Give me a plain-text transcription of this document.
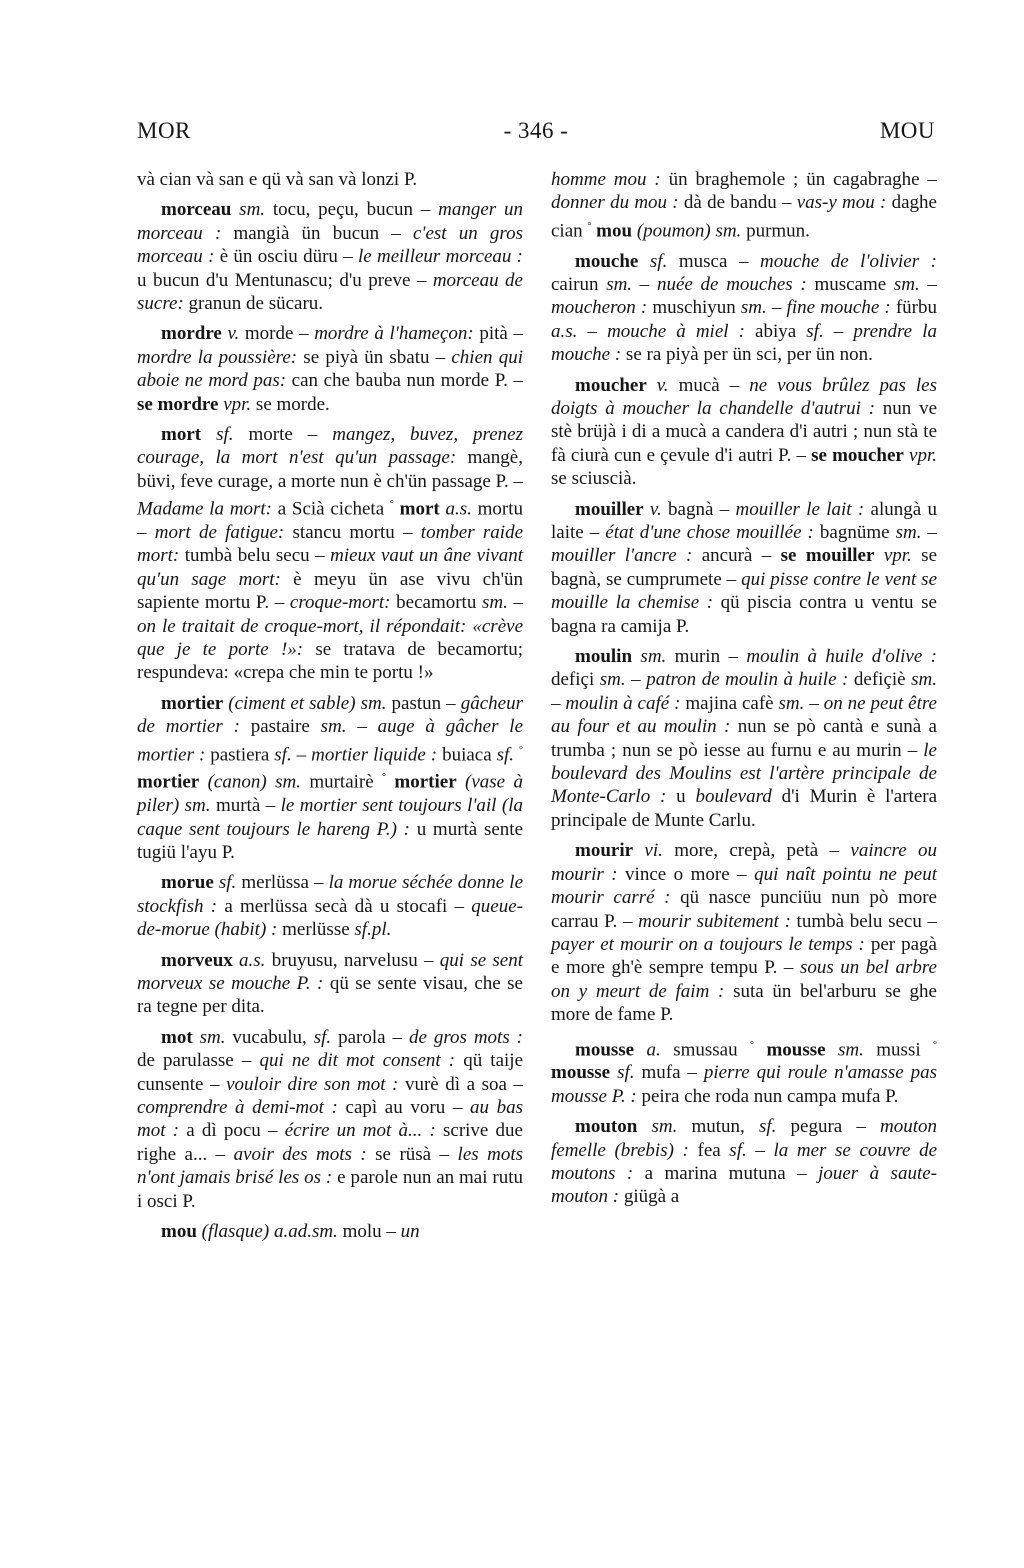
MOR	- 346 -	MOU

và cian và san e qü và san và lonzi P.

morceau sm. tocu, peçu, bucun – manger un morceau : mangià ün bucun – c'est un gros morceau : è ün osciu düru – le meilleur morceau : u bucun d'u Mentunascu; d'u preve – morceau de sucre: granun de süсaru.

mordre v. morde – mordre à l'hameçon: pità – mordre la poussière: se piyà ün sbatu – chien qui aboie ne mord pas: can che bauba nun morde P. – se mordre vpr. se morde.

mort sf. morte – mangez, buvez, prenez courage, la mort n'est qu'un passage: mangè, büvi, feve curage, a morte nun è ch'ün passage P. – Madame la mort: a Scià cicheta ° mort a.s. mortu – mort de fatigue: stancu mortu – tomber raide mort: tumbà belu secu – mieux vaut un âne vivant qu'un sage mort: è meyu ün ase vivu ch'ün sapiente mortu P. – croque-mort: becamortu sm. – on le traitait de croque-mort, il répondait: «crève que je te porte !»: se tratava de becamortu; respundeva: «crepa che min te portu !»

mortier (ciment et sable) sm. pastun – gâcheur de mortier : pastaire sm. – auge à gâcher le mortier : pastiera sf. – mortier liquide : buiaca sf. ° mortier (canon) sm. murtairè ° mortier (vase à piler) sm. murtà – le mortier sent toujours l'ail (la caque sent toujours le hareng P.) : u murtà sente tugiü l'ayu P.

morue sf. merlüssa – la morue séchée donne le stockfish : a merlüssa secà dà u stocafi – queue-de-morue (habit) : merlüsse sf.pl.

morveux a.s. bruyusu, narvelusu – qui se sent morveux se mouche P. : qü se sente visau, che se ra tegne per dita.

mot sm. vucabulu, sf. parola – de gros mots : de parulasse – qui ne dit mot consent : qü taije cunsente – vouloir dire son mot : vurè dì a soa – comprendre à demi-mot : capì au voru – au bas mot : a dì pocu – écrire un mot à... : scrive due righe a... – avoir des mots : se rüsà – les mots n'ont jamais brisé les os : e parole nun an mai rutu i osci P.

mou (flasque) a.ad.sm. molu – un

homme mou : ün braghemole ; ün cagabraghe – donner du mou : dà de bandu – vas-y mou : daghe cian ° mou (poumon) sm. purmun.

mouche sf. musca – mouche de l'olivier : cairun sm. – nuée de mouches : muscame sm. – moucheron : muschiyun sm. – fine mouche : fürbu a.s. – mouche à miel : abiya sf. – prendre la mouche : se ra piyà per ün sci, per ün non.

moucher v. mucà – ne vous brûlez pas les doigts à moucher la chandelle d'autrui : nun ve stè brüjà i di a mucà a candera d'i autri ; nun stà te fà ciurà cun e çevule d'i autri P. – se moucher vpr. se sciuscià.

mouiller v. bagnà – mouiller le lait : alungà u laite – état d'une chose mouillée : bagnüme sm. – mouiller l'ancre : ancurà – se mouiller vpr. se bagnà, se cumprumete – qui pisse contre le vent se mouille la chemise : qü piscia contra u ventu se bagna ra camija P.

moulin sm. murin – moulin à huile d'olive : defiçi sm. – patron de moulin à huile : defiçiè sm. – moulin à café : majina cafè sm. – on ne peut être au four et au moulin : nun se pò cantà e sunà a trumba ; nun se pò iesse au furnu e au murin – le boulevard des Moulins est l'artère principale de Monte-Carlo : u boulevard d'i Murin è l'artera principale de Munte Carlu.

mourir vi. more, crepà, petà – vaincre ou mourir : vince o more – qui naît pointu ne peut mourir carré : qü nasce punciüu nun pò more carrau P. – mourir subitement : tumbà belu secu – payer et mourir on a toujours le temps : per pagà e more gh'è sempre tempu P. – sous un bel arbre on y meurt de faim : suta ün bel'arburu se ghe more de fame P.

mousse a. smussau ° mousse sm. mussi ° mousse sf. mufa – pierre qui roule n'amasse pas mousse P. : peira che roda nun campa mufa P.

mouton sm. mutun, sf. pegura – mouton femelle (brebis) : fea sf. – la mer se couvre de moutons : a marina mutuna – jouer à saute-mouton : giügà a
